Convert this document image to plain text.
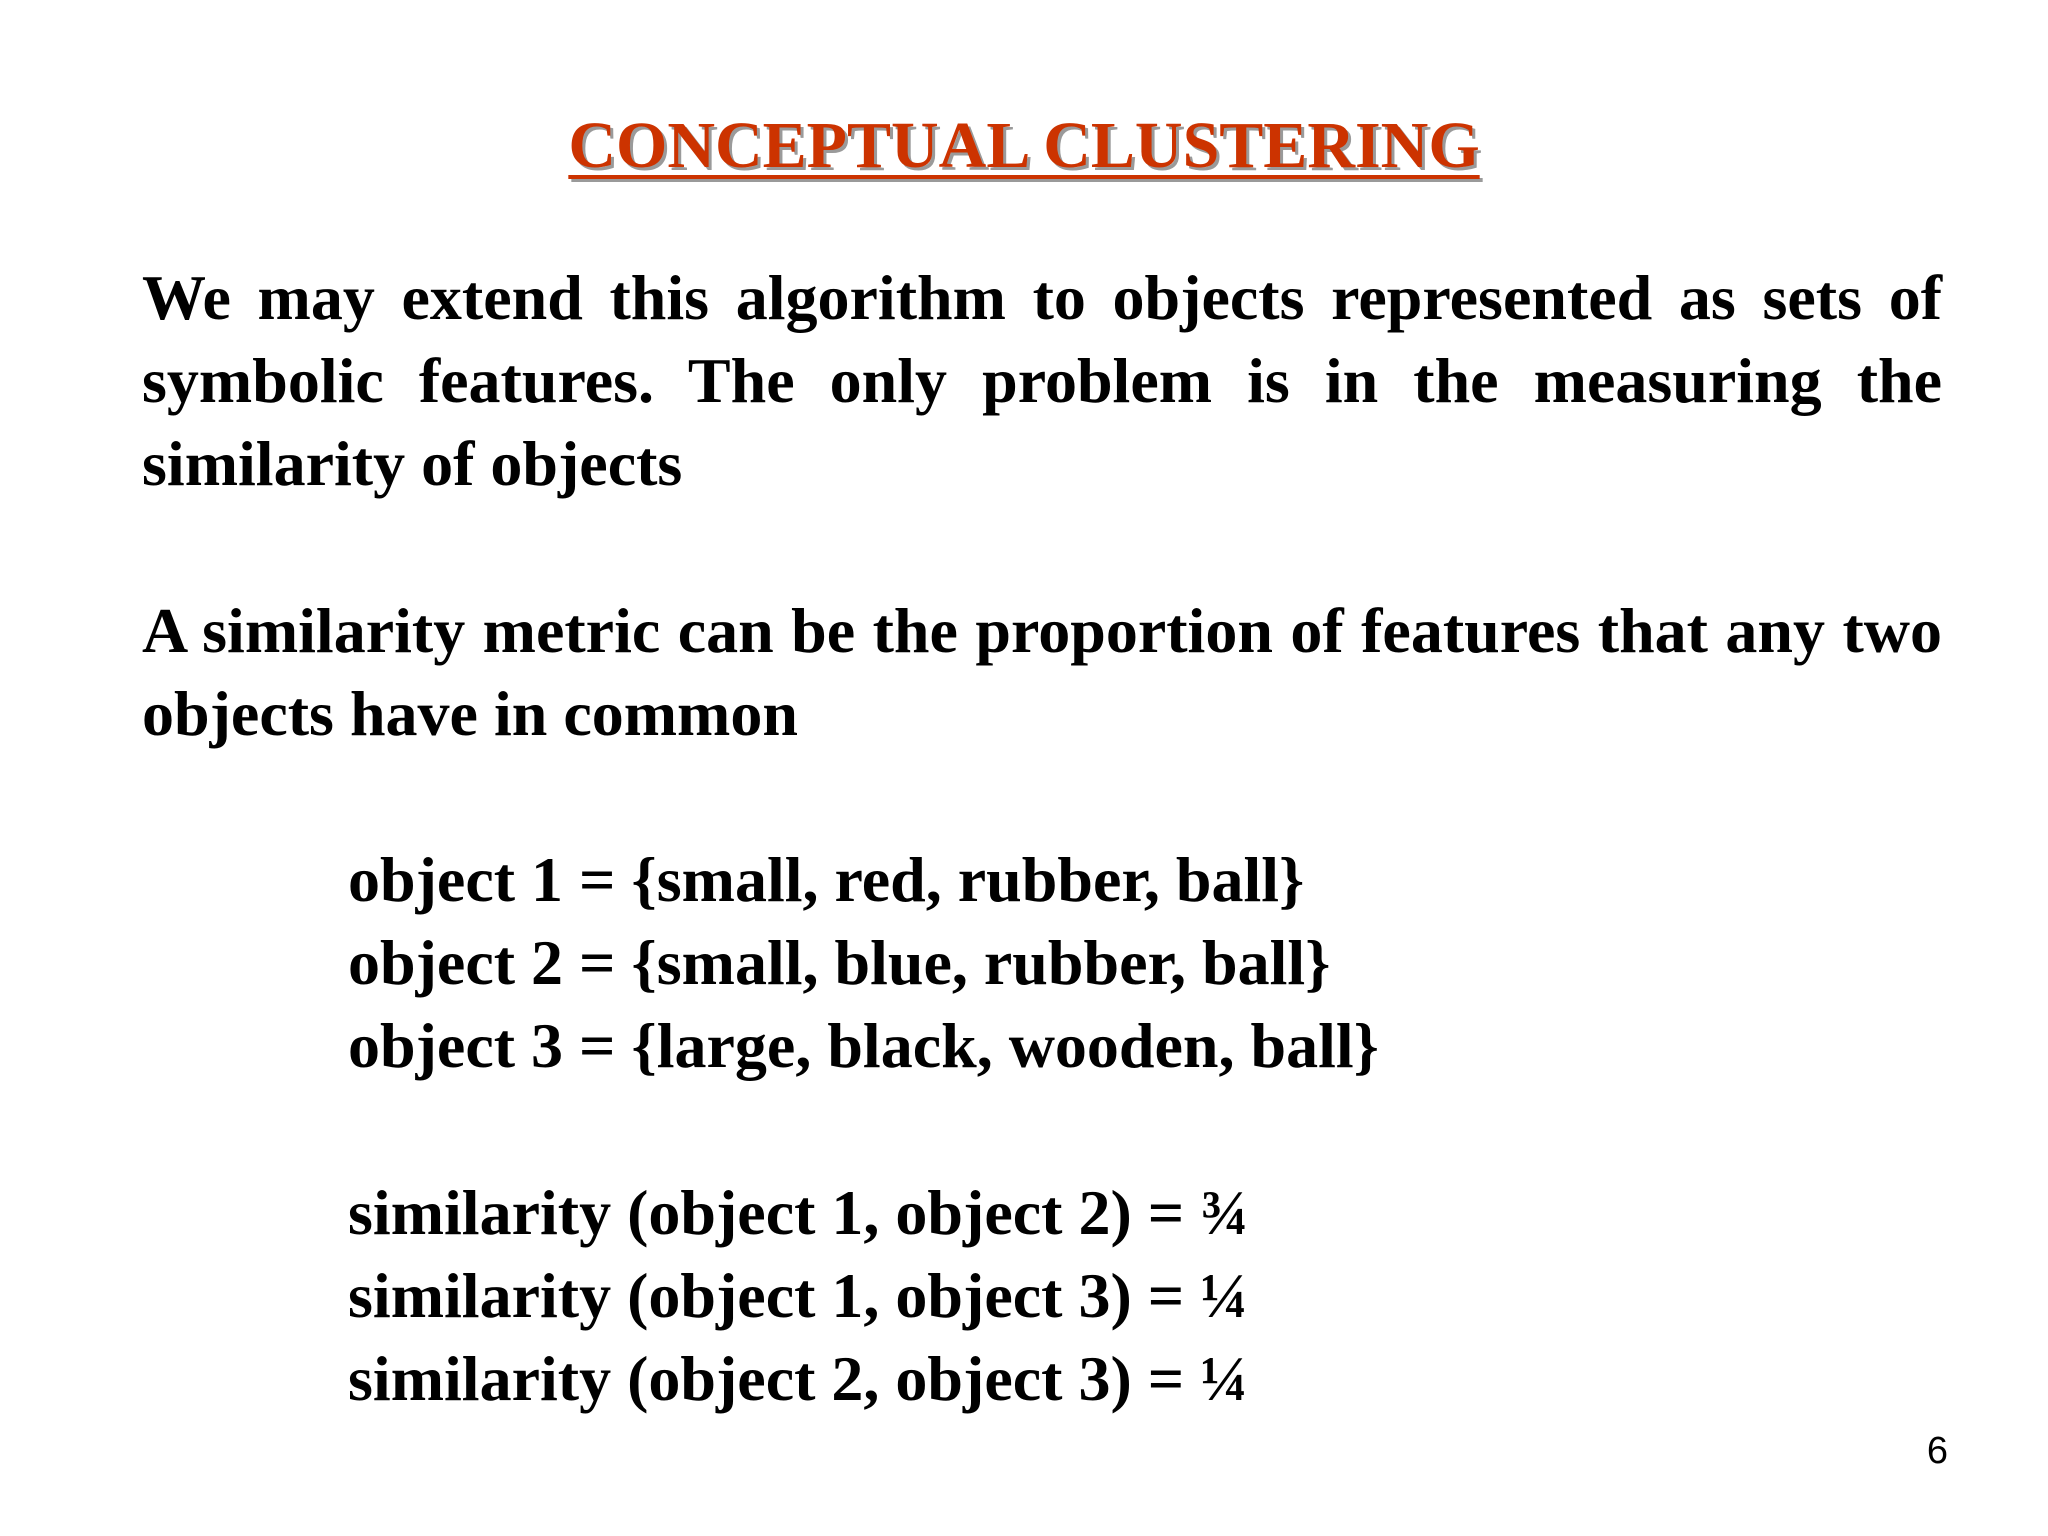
CONCEPTUAL CLUSTERING
We may extend this algorithm to objects represented as sets of symbolic features. The only problem is in the measuring the similarity of objects
A similarity metric can be the proportion of features that any two objects have in common
object 1 = {small, red, rubber, ball}
object 2 = {small, blue, rubber, ball}
object 3 = {large, black, wooden, ball}
similarity (object 1, object 2) = ¾
similarity (object 1, object 3) = ¼
similarity (object 2, object 3) = ¼
6
